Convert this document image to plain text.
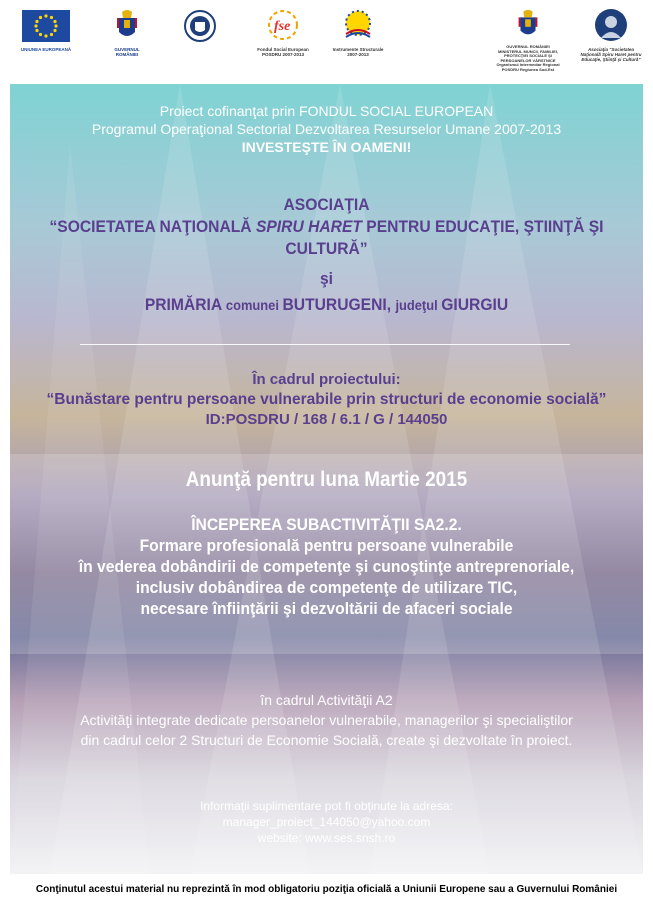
UNIUNEA EUROPEANĂ	GUVERNUL ROMÂNIEI
fse
Fondul Social European POSDRU 2007-2013
Instrumente Structurale 2007-2013
GUVERNUL ROMÂNIEI MINISTERUL MUNCII, FAMILIEI, PROTECŢIEI SOCIALE ŞI PERSOANELOR VÂRSTNICE Organismul Intermediar Regional POSDRU Regiunea Sud-Est
Asociaţia "Societatea Naţională Spiru Haret pentru Educaţie, Ştiinţă şi Cultură"
Proiect cofinanţat prin FONDUL SOCIAL EUROPEAN
Programul Operaţional Sectorial Dezvoltarea Resurselor Umane 2007-2013
INVESTEŞTE ÎN OAMENI!
ASOCIAŢIA
“SOCIETATEA NAŢIONALĂ SPIRU HARET PENTRU EDUCAŢIE, ŞTIINŢĂ ŞI CULTURĂ”
şi
PRIMĂRIA comunei BUTURUGENI, judeţul GIURGIU
În cadrul proiectului:
“Bunăstare pentru persoane vulnerabile prin structuri de economie socială”
ID:POSDRU / 168 / 6.1 / G / 144050
Anunţă pentru luna Martie 2015
ÎNCEPEREA SUBACTIVITĂŢII SA2.2.
Formare profesională pentru persoane vulnerabile
în vederea dobândirii de competenţe şi cunoştinţe antreprenoriale,
inclusiv dobândirea de competenţe de utilizare TIC,
necesare înfiinţării şi dezvoltării de afaceri sociale
în cadrul Activităţii A2
Activităţi integrate dedicate persoanelor vulnerabile, managerilor şi specialiştilor
din cadrul celor 2 Structuri de Economie Socială, create şi dezvoltate în proiect.
Informaţii suplimentare pot fi obţinute la adresa:
manager_proiect_144050@yahoo.com
website: www.ses.snsh.ro
Conţinutul acestui material nu reprezintă în mod obligatoriu poziţia oficială a Uniunii Europene sau a Guvernului României
